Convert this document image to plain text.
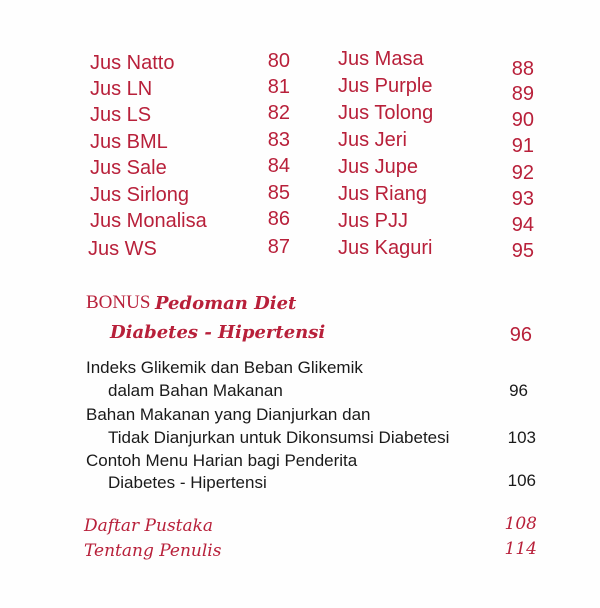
Jus Natto	80
Jus LN	81
Jus LS	82
Jus BML	83
Jus Sale	84
Jus Sirlong	85
Jus Monalisa	86
Jus WS	87
Jus Masa	88
Jus Purple	89
Jus Tolong	90
Jus Jeri	91
Jus Jupe	92
Jus Riang	93
Jus PJJ	94
Jus Kaguri	95
BONUS Pedoman Diet
Diabetes - Hipertensi	96
Indeks Glikemik dan Beban Glikemik
dalam Bahan Makanan	96
Bahan Makanan yang Dianjurkan dan
Tidak Dianjurkan untuk Dikonsumsi Diabetesi	103
Contoh Menu Harian bagi Penderita
Diabetes - Hipertensi	106
Daftar Pustaka	108
Tentang Penulis	114
